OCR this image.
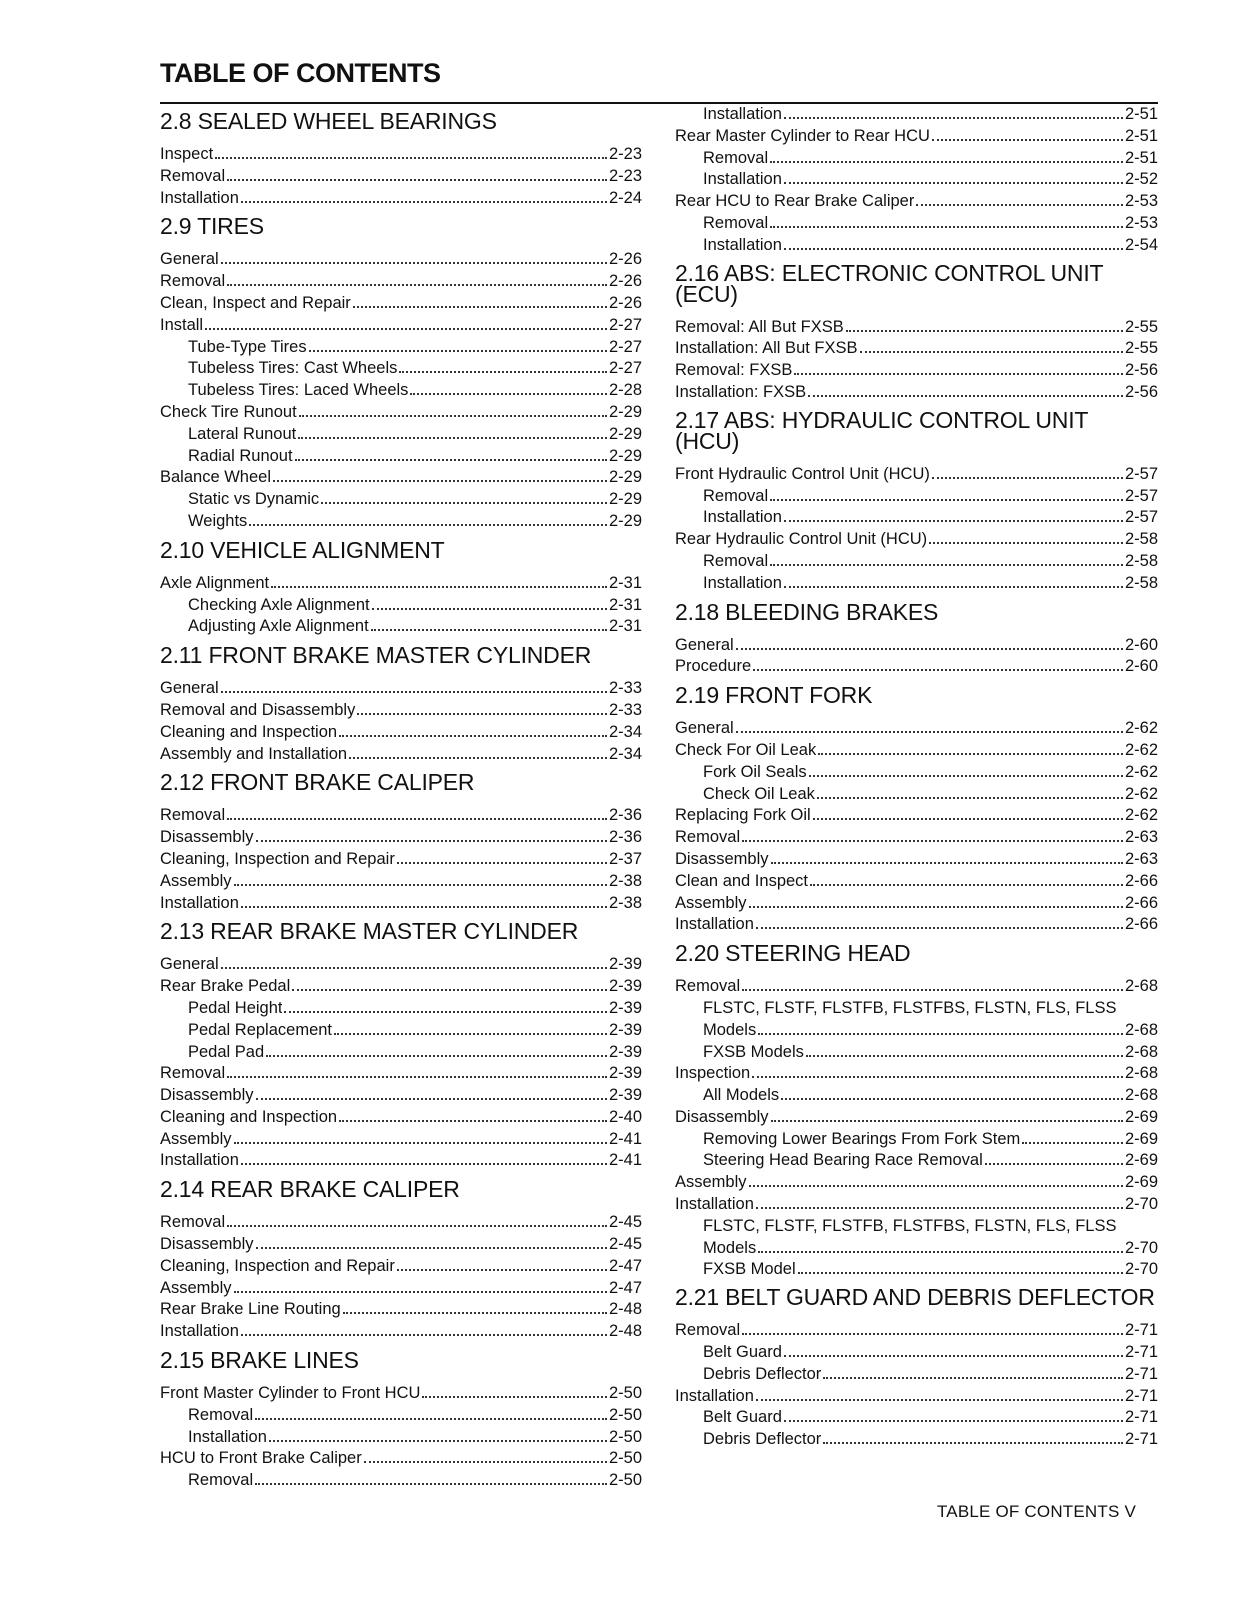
TABLE OF CONTENTS
2.8 SEALED WHEEL BEARINGS
Inspect	2-23
Removal	2-23
Installation	2-24
2.9 TIRES
General	2-26
Removal	2-26
Clean, Inspect and Repair	2-26
Install	2-27
Tube-Type Tires	2-27
Tubeless Tires: Cast Wheels	2-27
Tubeless Tires: Laced Wheels	2-28
Check Tire Runout	2-29
Lateral Runout	2-29
Radial Runout	2-29
Balance Wheel	2-29
Static vs Dynamic	2-29
Weights	2-29
2.10 VEHICLE ALIGNMENT
Axle Alignment	2-31
Checking Axle Alignment	2-31
Adjusting Axle Alignment	2-31
2.11 FRONT BRAKE MASTER CYLINDER
General	2-33
Removal and Disassembly	2-33
Cleaning and Inspection	2-34
Assembly and Installation	2-34
2.12 FRONT BRAKE CALIPER
Removal	2-36
Disassembly	2-36
Cleaning, Inspection and Repair	2-37
Assembly	2-38
Installation	2-38
2.13 REAR BRAKE MASTER CYLINDER
General	2-39
Rear Brake Pedal	2-39
Pedal Height	2-39
Pedal Replacement	2-39
Pedal Pad	2-39
Removal	2-39
Disassembly	2-39
Cleaning and Inspection	2-40
Assembly	2-41
Installation	2-41
2.14 REAR BRAKE CALIPER
Removal	2-45
Disassembly	2-45
Cleaning, Inspection and Repair	2-47
Assembly	2-47
Rear Brake Line Routing	2-48
Installation	2-48
2.15 BRAKE LINES
Front Master Cylinder to Front HCU	2-50
Removal	2-50
Installation	2-50
HCU to Front Brake Caliper	2-50
Removal	2-50
Installation	2-51
Rear Master Cylinder to Rear HCU	2-51
Removal	2-51
Installation	2-52
Rear HCU to Rear Brake Caliper	2-53
Removal	2-53
Installation	2-54
2.16 ABS: ELECTRONIC CONTROL UNIT (ECU)
Removal: All But FXSB	2-55
Installation: All But FXSB	2-55
Removal: FXSB	2-56
Installation: FXSB	2-56
2.17 ABS: HYDRAULIC CONTROL UNIT (HCU)
Front Hydraulic Control Unit (HCU)	2-57
Removal	2-57
Installation	2-57
Rear Hydraulic Control Unit (HCU)	2-58
Removal	2-58
Installation	2-58
2.18 BLEEDING BRAKES
General	2-60
Procedure	2-60
2.19 FRONT FORK
General	2-62
Check For Oil Leak	2-62
Fork Oil Seals	2-62
Check Oil Leak	2-62
Replacing Fork Oil	2-62
Removal	2-63
Disassembly	2-63
Clean and Inspect	2-66
Assembly	2-66
Installation	2-66
2.20 STEERING HEAD
Removal	2-68
FLSTC, FLSTF, FLSTFB, FLSTFBS, FLSTN, FLS, FLSS
Models	2-68
FXSB Models	2-68
Inspection	2-68
All Models	2-68
Disassembly	2-69
Removing Lower Bearings From Fork Stem	2-69
Steering Head Bearing Race Removal	2-69
Assembly	2-69
Installation	2-70
FLSTC, FLSTF, FLSTFB, FLSTFBS, FLSTN, FLS, FLSS
Models	2-70
FXSB Model	2-70
2.21 BELT GUARD AND DEBRIS DEFLECTOR
Removal	2-71
Belt Guard	2-71
Debris Deflector	2-71
Installation	2-71
Belt Guard	2-71
Debris Deflector	2-71
TABLE OF CONTENTS V
